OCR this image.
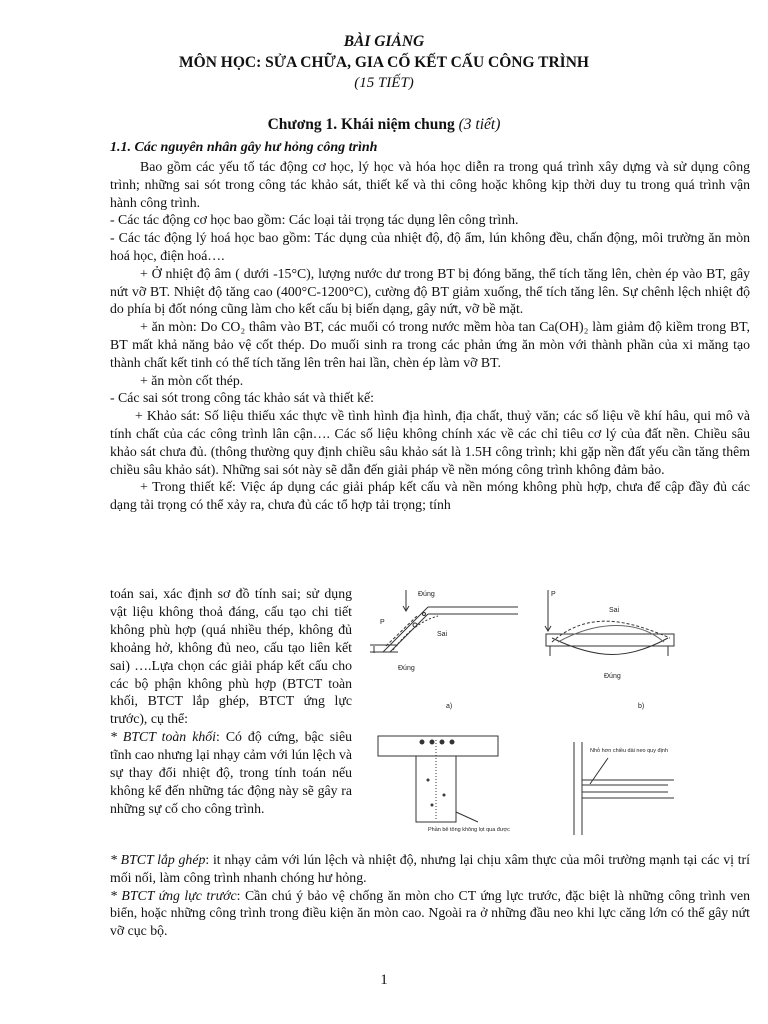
BÀI GIẢNG
MÔN HỌC: SỬA CHỮA, GIA CỐ KẾT CẤU CÔNG TRÌNH
(15 TIẾT)
Chương 1. Khái niệm chung (3 tiết)
1.1. Các nguyên nhân gây hư hỏng công trình

Bao gồm các yếu tố tác động cơ học, lý học và hóa học diễn ra trong quá trình xây dựng và sử dụng công trình; những sai sót trong công tác khảo sát, thiết kế và thi công hoặc không kịp thời duy tu trong quá trình vận hành công trình.

- Các tác động cơ học bao gồm: Các loại tải trọng tác dụng lên công trình.

- Các tác động lý hoá học bao gồm: Tác dụng của nhiệt độ, độ ẩm, lún không đều, chấn động, môi trường ăn mòn hoá học, điện hoá….

+ Ở nhiệt độ âm ( dưới -15°C), lượng nước dư trong BT bị đóng băng, thể tích tăng lên, chèn ép vào BT, gây nứt vỡ BT. Nhiệt độ tăng cao (400°C-1200°C), cường độ BT giảm xuống, thể tích tăng lên. Sự chênh lệch nhiệt độ do phía bị đốt nóng cũng làm cho kết cấu bị biến dạng, gây nứt, vỡ bề mặt.

+ ăn mòn: Do CO₂ thâm vào BT, các muối có trong nước mềm hòa tan Ca(OH)₂ làm giảm độ kiềm trong BT, BT mất khả năng bảo vệ cốt thép. Do muối sinh ra trong các phản ứng ăn mòn với thành phần của xi măng tạo thành chất kết tinh có thể tích tăng lên trên hai lần, chèn ép làm vỡ BT.

+ ăn mòn cốt thép.

- Các sai sót trong công tác khảo sát và thiết kế:

+ Khảo sát: Số liệu thiếu xác thực về tình hình địa hình, địa chất, thuỷ văn; các số liệu về khí hâu, qui mô và tính chất của các công trình lân cận…. Các số liệu không chính xác về các chỉ tiêu cơ lý của đất nền. Chiều sâu khảo sát chưa đủ. (thông thường quy định chiều sâu khảo sát là 1.5H công trình; khi gặp nền đất yếu cần tăng thêm chiều sâu khảo sát). Những sai sót này sẽ dẫn đến giải pháp về nền móng công trình không đảm bảo.

+ Trong thiết kế: Việc áp dụng các giải pháp kết cấu và nền móng không phù hợp, chưa để cập đầy đủ các dạng tải trọng có thể xảy ra, chưa đủ các tổ hợp tải trọng; tính

toán sai, xác định sơ đồ tính sai; sử dụng vật liệu không thoả đáng, cấu tạo chi tiết không phù hợp (quá nhiều thép, không đủ khoảng hở, không đủ neo, cấu tạo liên kết sai) ….Lựa chọn các giải pháp kết cấu cho các bộ phận không phù hợp (BTCT toàn khối, BTCT lắp ghép, BTCT ứng lực trước), cụ thể:

* BTCT toàn khối: Có độ cứng, bậc siêu tĩnh cao nhưng lại nhạy cảm với lún lệch và sự thay đổi nhiệt độ, trong tính toán nếu không kể đến những tác động này sẽ gây ra những sự cố cho công trình.

Đúng
P
Sai
Đúng
P
Sai
Đúng
a)	b)
Phần bê tông không lọt qua được
Nhỏ hơn chiều dài neo quy định

* BTCT lắp ghép: it nhạy cảm với lún lệch và nhiệt độ, nhưng lại chịu xâm thực của môi trường mạnh tại các vị trí mối nối, làm công trình nhanh chóng hư hỏng.

* BTCT ứng lực trước: Cần chú ý bảo vệ chống ăn mòn cho CT ứng lực trước, đặc biệt là những công trình ven biển, hoặc những công trình trong điều kiện ăn mòn cao. Ngoài ra ở những đầu neo khi lực căng lớn có thể gây nứt vỡ cục bộ.

1
